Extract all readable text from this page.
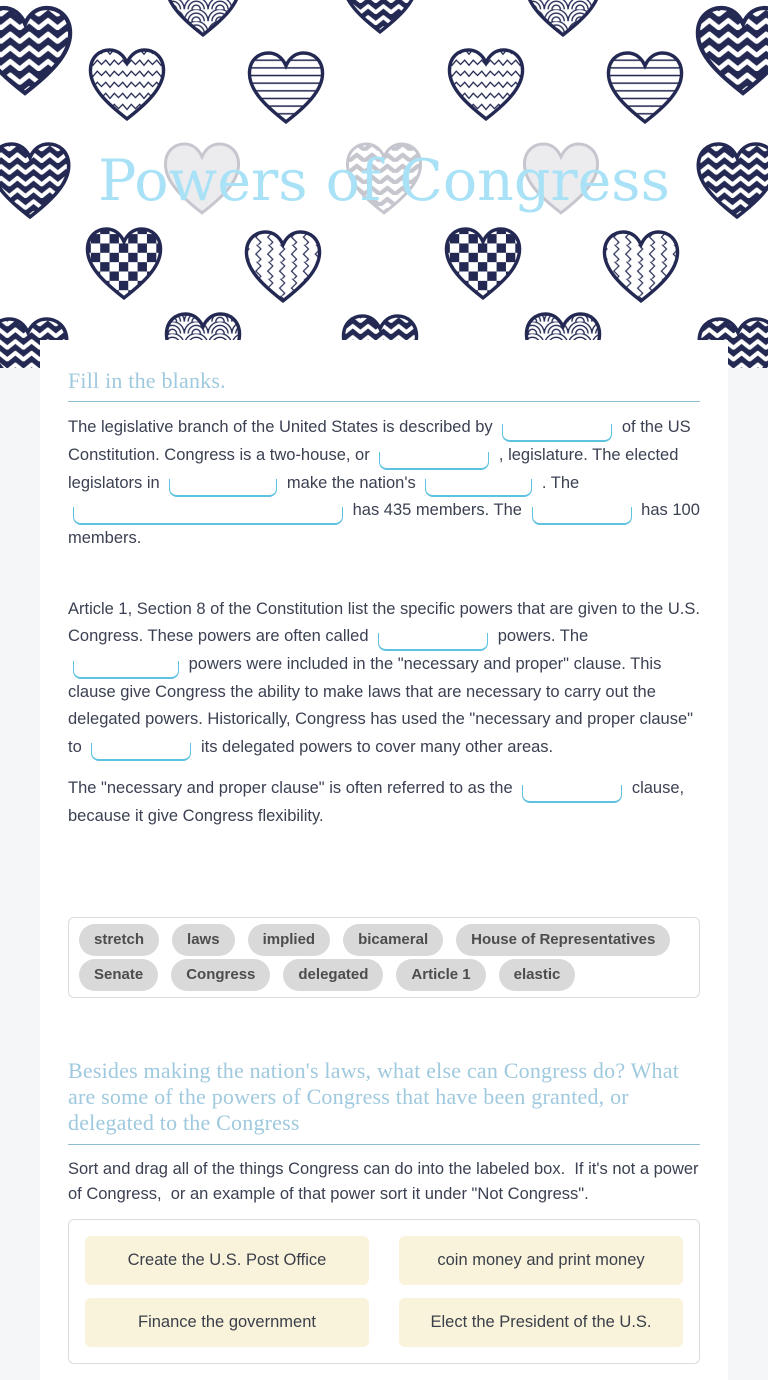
Powers of Congress
Fill in the blanks.
The legislative branch of the United States is described by	of the US Constitution. Congress is a two-house, or	, legislature. The elected legislators in	make the nation's	. The  has 435 members. The	has 100 members.
Article 1, Section 8 of the Constitution list the specific powers that are given to the U.S. Congress. These powers are often called	powers. The  powers were included in the "necessary and proper" clause. This clause give Congress the ability to make laws that are necessary to carry out the delegated powers. Historically, Congress has used the "necessary and proper clause" to	its delegated powers to cover many other areas.
The "necessary and proper clause" is often referred to as the	clause, because it give Congress flexibility.
stretch	laws	implied	bicameral	House of Representatives
Senate	Congress	delegated	Article 1	elastic
Besides making the nation's laws, what else can Congress do? What are some of the powers of Congress that have been granted, or delegated to the Congress

Sort and drag all of the things Congress can do into the labeled box.  If it's not a power of Congress,  or an example of that power sort it under "Not Congress".

Create the U.S. Post Office	coin money and print money
Finance the government	Elect the President of the U.S.
